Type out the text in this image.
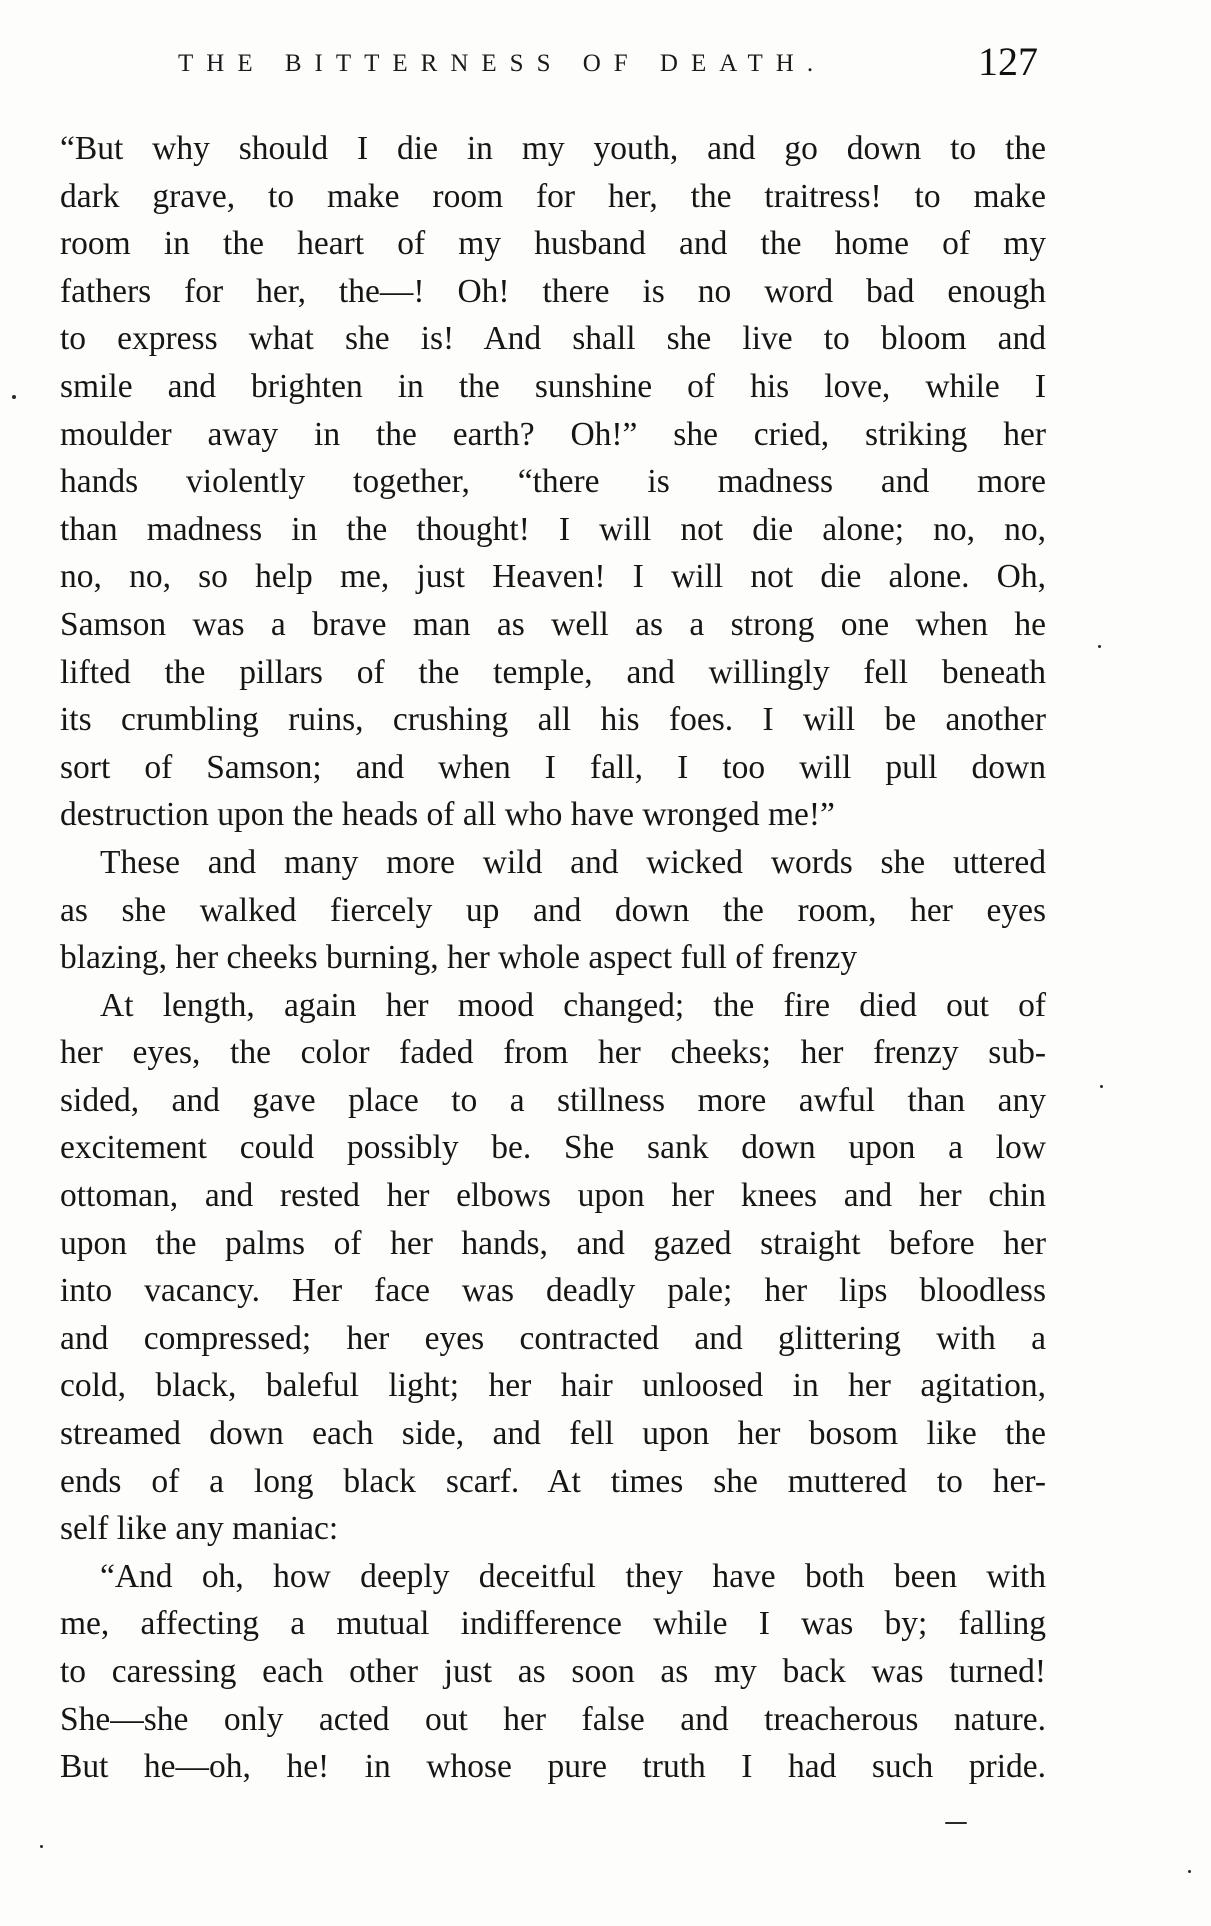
THE BITTERNESS OF DEATH.	127
“But why should I die in my youth, and go down to the
dark grave, to make room for her, the traitress! to make
room in the heart of my husband and the home of my
fathers for her, the—! Oh! there is no word bad enough
to express what she is! And shall she live to bloom and
smile and brighten in the sunshine of his love, while I
moulder away in the earth? Oh!” she cried, striking her
hands violently together, “there is madness and more
than madness in the thought! I will not die alone; no, no,
no, no, so help me, just Heaven! I will not die alone. Oh,
Samson was a brave man as well as a strong one when he
lifted the pillars of the temple, and willingly fell beneath
its crumbling ruins, crushing all his foes. I will be another
sort of Samson; and when I fall, I too will pull down
destruction upon the heads of all who have wronged me!”
These and many more wild and wicked words she uttered
as she walked fiercely up and down the room, her eyes
blazing, her cheeks burning, her whole aspect full of frenzy
At length, again her mood changed; the fire died out of
her eyes, the color faded from her cheeks; her frenzy sub-
sided, and gave place to a stillness more awful than any
excitement could possibly be. She sank down upon a low
ottoman, and rested her elbows upon her knees and her chin
upon the palms of her hands, and gazed straight before her
into vacancy. Her face was deadly pale; her lips bloodless
and compressed; her eyes contracted and glittering with a
cold, black, baleful light; her hair unloosed in her agitation,
streamed down each side, and fell upon her bosom like the
ends of a long black scarf. At times she muttered to her-
self like any maniac:
“And oh, how deeply deceitful they have both been with
me, affecting a mutual indifference while I was by; falling
to caressing each other just as soon as my back was turned!
She—she only acted out her false and treacherous nature.
But he—oh, he! in whose pure truth I had such pride.
